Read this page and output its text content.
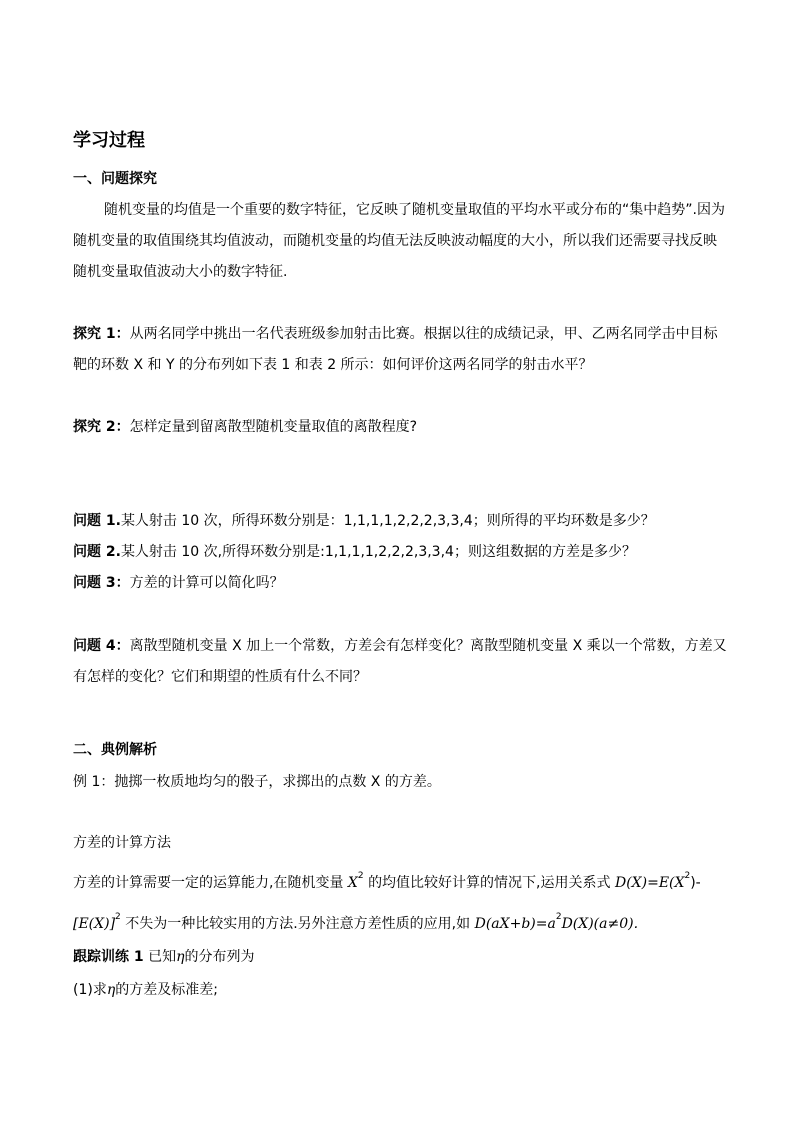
学习过程
一、问题探究
随机变量的均值是一个重要的数字特征，它反映了随机变量取值的平均水平或分布的“集中趋势”.因为
随机变量的取值围绕其均值波动，而随机变量的均值无法反映波动幅度的大小，所以我们还需要寻找反映
随机变量取值波动大小的数字特征.
探究 1：从两名同学中挑出一名代表班级参加射击比赛。根据以往的成绩记录，甲、乙两名同学击中目标
靶的环数 X 和 Y 的分布列如下表 1 和表 2 所示：如何评价这两名同学的射击水平？
探究 2：怎样定量到留离散型随机变量取值的离散程度?
问题 1.某人射击 10 次，所得环数分别是：1,1,1,1,2,2,2,3,3,4；则所得的平均环数是多少？
问题 2.某人射击 10 次,所得环数分别是:1,1,1,1,2,2,2,3,3,4；则这组数据的方差是多少？
问题 3：方差的计算可以简化吗？
问题 4：离散型随机变量 X 加上一个常数，方差会有怎样变化？离散型随机变量 X 乘以一个常数，方差又
有怎样的变化？它们和期望的性质有什么不同？
二、典例解析
例 1：抛掷一枚质地均匀的骰子，求掷出的点数 X 的方差。
方差的计算方法
方差的计算需要一定的运算能力,在随机变量 $X^2$ 的均值比较好计算的情况下,运用关系式 $D(X)=E(X^2)-$
$[E(X)]^2$ 不失为一种比较实用的方法.另外注意方差性质的应用,如 $D(aX+b)=a^2D(X)(a\ne 0)$.
跟踪训练 1 已知η的分布列为
(1)求η的方差及标准差;
